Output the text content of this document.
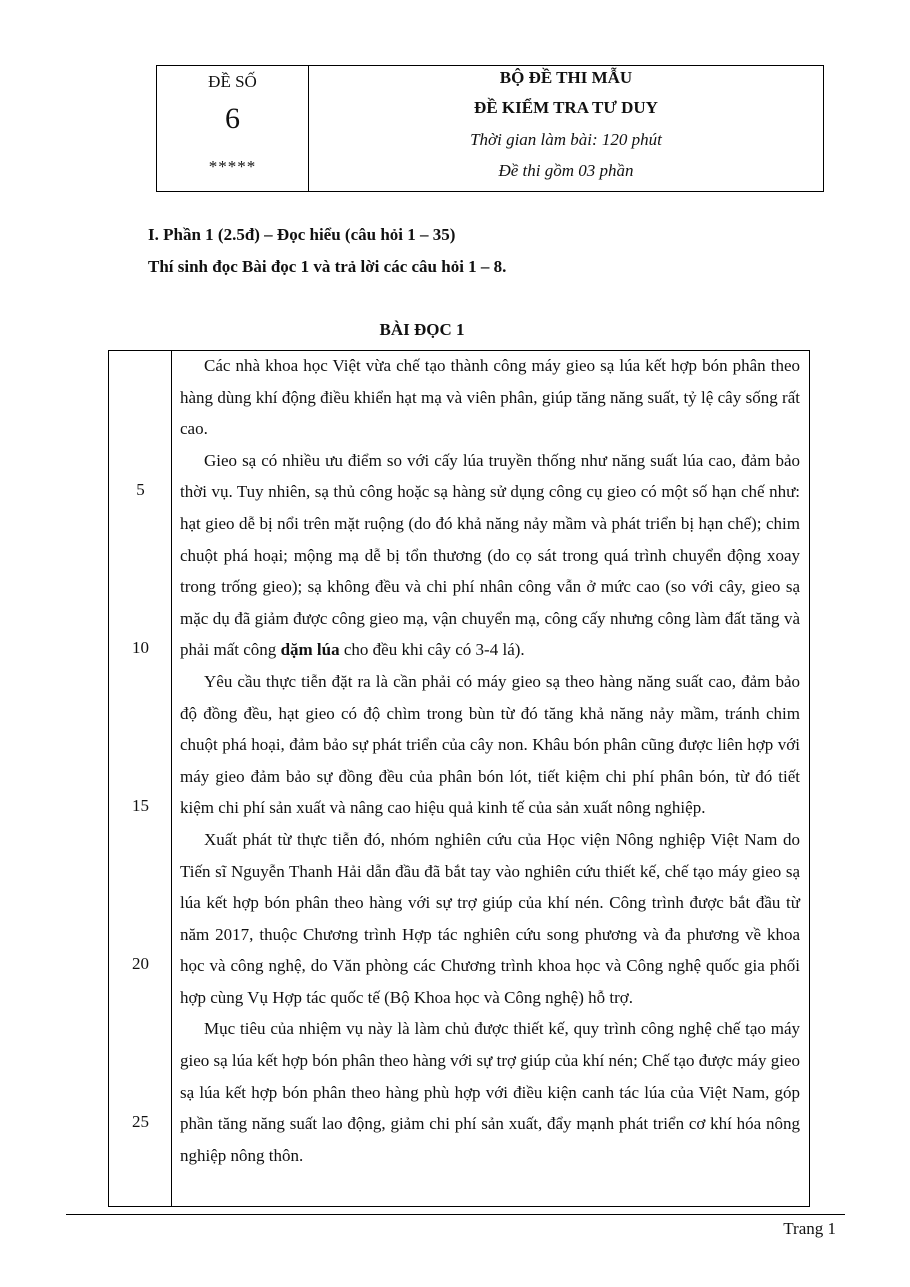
ĐỀ SỐ
6
*****
BỘ ĐỀ THI MẪU
ĐỀ KIỂM TRA TƯ DUY
Thời gian làm bài: 120 phút
Đề thi gồm 03 phần
I. Phần 1 (2.5đ) – Đọc hiểu (câu hỏi 1 – 35)
Thí sinh đọc Bài đọc 1 và trả lời các câu hỏi 1 – 8.
BÀI ĐỌC 1
5
10
15
20
25

Các nhà khoa học Việt vừa chế tạo thành công máy gieo sạ lúa kết hợp bón phân theo hàng dùng khí động điều khiển hạt mạ và viên phân, giúp tăng năng suất, tỷ lệ cây sống rất cao.

Gieo sạ có nhiều ưu điểm so với cấy lúa truyền thống như năng suất lúa cao, đảm bảo thời vụ. Tuy nhiên, sạ thủ công hoặc sạ hàng sử dụng công cụ gieo có một số hạn chế như: hạt gieo dễ bị nổi trên mặt ruộng (do đó khả năng nảy mầm và phát triển bị hạn chế); chim chuột phá hoại; mộng mạ dễ bị tổn thương (do cọ sát trong quá trình chuyển động xoay trong trống gieo); sạ không đều và chi phí nhân công vẫn ở mức cao (so với cây, gieo sạ mặc dụ đã giảm được công gieo mạ, vận chuyển mạ, công cấy nhưng công làm đất tăng và phải mất công dặm lúa cho đều khi cây có 3-4 lá).

Yêu cầu thực tiễn đặt ra là cần phải có máy gieo sạ theo hàng năng suất cao, đảm bảo độ đồng đều, hạt gieo có độ chìm trong bùn từ đó tăng khả năng nảy mầm, tránh chim chuột phá hoại, đảm bảo sự phát triển của cây non. Khâu bón phân cũng được liên hợp với máy gieo đảm bảo sự đồng đều của phân bón lót, tiết kiệm chi phí phân bón, từ đó tiết kiệm chi phí sản xuất và nâng cao hiệu quả kinh tế của sản xuất nông nghiệp.

Xuất phát từ thực tiễn đó, nhóm nghiên cứu của Học viện Nông nghiệp Việt Nam do Tiến sĩ Nguyễn Thanh Hải dẫn đầu đã bắt tay vào nghiên cứu thiết kế, chế tạo máy gieo sạ lúa kết hợp bón phân theo hàng với sự trợ giúp của khí nén. Công trình được bắt đầu từ năm 2017, thuộc Chương trình Hợp tác nghiên cứu song phương và đa phương về khoa học và công nghệ, do Văn phòng các Chương trình khoa học và Công nghệ quốc gia phối hợp cùng Vụ Hợp tác quốc tế (Bộ Khoa học và Công nghệ) hỗ trợ.

Mục tiêu của nhiệm vụ này là làm chủ được thiết kế, quy trình công nghệ chế tạo máy gieo sạ lúa kết hợp bón phân theo hàng với sự trợ giúp của khí nén; Chế tạo được máy gieo sạ lúa kết hợp bón phân theo hàng phù hợp với điều kiện canh tác lúa của Việt Nam, góp phần tăng năng suất lao động, giảm chi phí sản xuất, đẩy mạnh phát triển cơ khí hóa nông nghiệp nông thôn.

Trang 1
